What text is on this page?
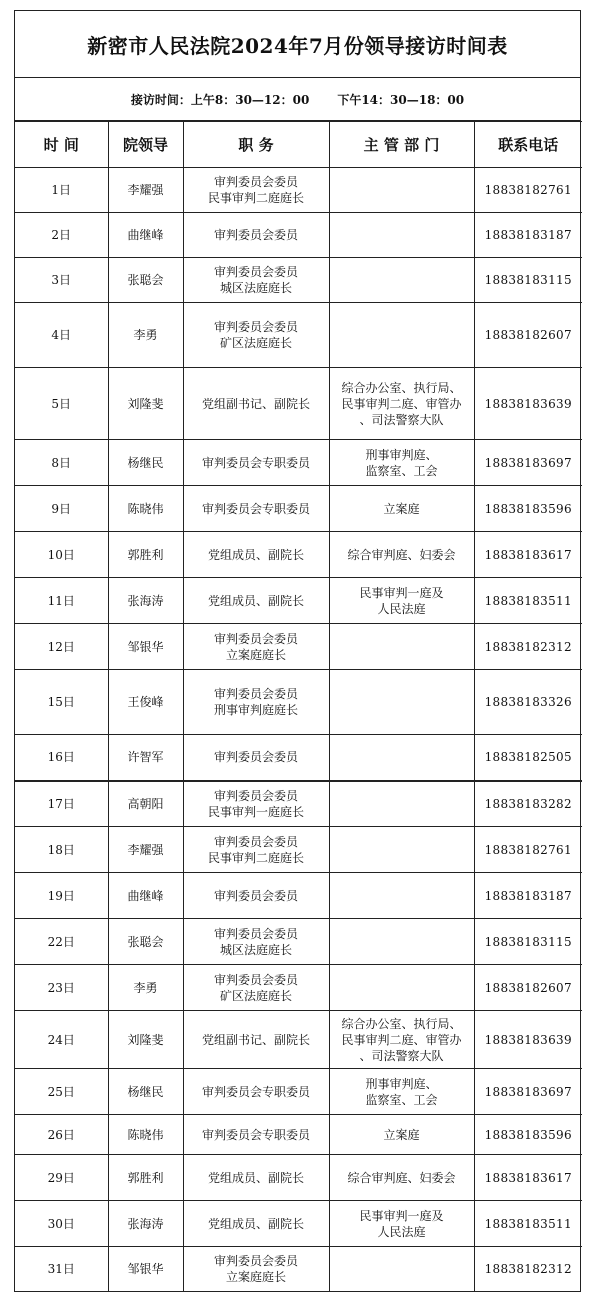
新密市人民法院2024年7月份领导接访时间表
接访时间： 上午8：30—12：00 下午14：30—18：00
时 间	院领导	职 务	主 管 部 门	联系电话
1日	李耀强	审判委员会委员
民事审判二庭庭长		18838182761
2日	曲继峰	审判委员会委员		18838183187
3日	张聪会	审判委员会委员
城区法庭庭长		18838183115
4日	李勇	审判委员会委员
矿区法庭庭长		18838182607
5日	刘隆斐	党组副书记、副院长	综合办公室、执行局、
民事审判二庭、审管办
、司法警察大队	18838183639
8日	杨继民	审判委员会专职委员	刑事审判庭、
监察室、工会	18838183697
9日	陈晓伟	审判委员会专职委员	立案庭	18838183596
10日	郭胜利	党组成员、副院长	综合审判庭、妇委会	18838183617
11日	张海涛	党组成员、副院长	民事审判一庭及
人民法庭	18838183511
12日	邹银华	审判委员会委员
立案庭庭长		18838182312
15日	王俊峰	审判委员会委员
刑事审判庭庭长		18838183326
16日	许智军	审判委员会委员		18838182505
17日	高朝阳	审判委员会委员
民事审判一庭庭长		18838183282
18日	李耀强	审判委员会委员
民事审判二庭庭长		18838182761
19日	曲继峰	审判委员会委员		18838183187
22日	张聪会	审判委员会委员
城区法庭庭长		18838183115
23日	李勇	审判委员会委员
矿区法庭庭长		18838182607
24日	刘隆斐	党组副书记、副院长	综合办公室、执行局、
民事审判二庭、审管办
、司法警察大队	18838183639
25日	杨继民	审判委员会专职委员	刑事审判庭、
监察室、工会	18838183697
26日	陈晓伟	审判委员会专职委员	立案庭	18838183596
29日	郭胜利	党组成员、副院长	综合审判庭、妇委会	18838183617
30日	张海涛	党组成员、副院长	民事审判一庭及
人民法庭	18838183511
31日	邹银华	审判委员会委员
立案庭庭长		18838182312
